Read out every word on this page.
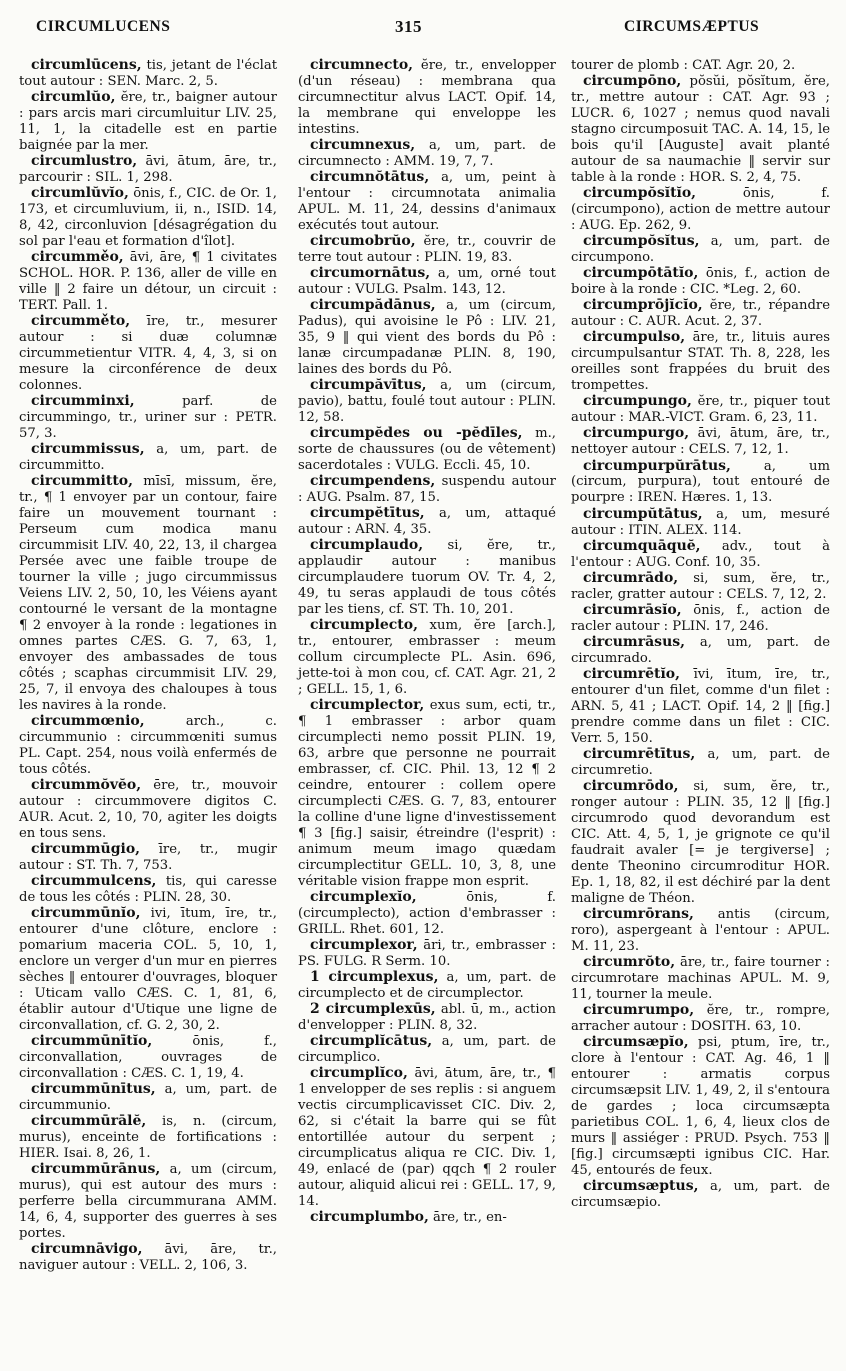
CIRCUMLUCENS	315	CIRCUMSÆPTUS

circumlūcens, tis, jetant de l'éclat tout autour : SEN. Marc. 2, 5.

circumlŭo, ĕre, tr., baigner autour : pars arcis mari circumluitur LIV. 25, 11, 1, la citadelle est en partie baignée par la mer.

circumlustro, āvi, ātum, āre, tr., parcourir : SIL. 1, 298.

circumlŭvĭo, ōnis, f., CIC. de Or. 1, 173, et circumluvium, ii, n., ISID. 14, 8, 42, circonluvion [désagrégation du sol par l'eau et formation d'îlot].

circumměo, āvi, āre, ¶ 1 civitates SCHOL. HOR. P. 136, aller de ville en ville ‖ 2 faire un détour, un circuit : TERT. Pall. 1.

circumměto, īre, tr., mesurer autour : si duæ columnæ circummetientur VITR. 4, 4, 3, si on mesure la circonférence de deux colonnes.

circumminxi,	parf. de circummingo, tr., uriner sur : PETR. 57, 3.

circummissus, a, um, part. de circummitto.

circummitto, mīsī, missum, ĕre, tr., ¶ 1 envoyer par un contour, faire faire un mouvement tournant : Perseum cum modica manu circummisit LIV. 40, 22, 13, il chargea Persée avec une faible troupe de tourner la ville ; jugo circummissus Veiens LIV. 2, 50, 10, les Véiens ayant contourné le versant de la montagne ¶ 2 envoyer à la ronde : legationes in omnes partes CÆS. G. 7, 63, 1, envoyer des ambassades de tous côtés ; scaphas circummisit LIV. 29, 25, 7, il envoya des chaloupes à tous les navires à la ronde.

circummœnio,	arch., c. circummunio : circummœniti sumus PL. Capt. 254, nous voilà enfermés de tous côtés.

circummŏvĕo, ēre, tr., mouvoir autour : circummovere digitos C. AUR. Acut. 2, 10, 70, agiter les doigts en tous sens.

circummūgio, īre, tr., mugir autour : ST. Th. 7, 753.

circummulcens, tis, qui caresse de tous les côtés : PLIN. 28, 30.

circummūnĭo, ivi, ītum, īre, tr., entourer d'une clôture, enclore : pomarium maceria COL. 5, 10, 1, enclore un verger d'un mur en pierres sèches ‖ entourer d'ouvrages, bloquer : Uticam vallo CÆS. C. 1, 81, 6, établir autour d'Utique une ligne de circonvallation, cf. G. 2, 30, 2.

circummūnītĭo,	ōnis, f., circonvallation, ouvrages de circonvallation : CÆS. C. 1, 19, 4.

circummūnītus, a, um, part. de circummunio.

circummūrālĕ, is, n. (circum, murus), enceinte de fortifications : HIER. Isai. 8, 26, 1.

circummūrānus, a, um (circum, murus), qui est autour des murs : perferre bella circummurana AMM. 14, 6, 4, supporter des guerres à ses portes.

circumnāvigo, āvi, āre, tr., naviguer autour : VELL. 2, 106, 3.

circumnecto, ĕre, tr., envelopper (d'un réseau) : membrana qua circumnectitur alvus LACT. Opif. 14, la membrane qui enveloppe les intestins.

circumnexus, a, um, part. de circumnecto : AMM. 19, 7, 7.

circumnŏtātus, a, um, peint à l'entour : circumnotata animalia APUL. M. 11, 24, dessins d'animaux exécutés tout autour.

circumobrŭo, ĕre, tr., couvrir de terre tout autour : PLIN. 19, 83.

circumornātus, a, um, orné tout autour : VULG. Psalm. 143, 12.

circumpădānus, a, um (circum, Padus), qui avoisine le Pô : LIV. 21, 35, 9 ‖ qui vient des bords du Pô : lanæ circumpadanæ PLIN. 8, 190, laines des bords du Pô.

circumpăvītus, a, um (circum, pavio), battu, foulé tout autour : PLIN. 12, 58.

circumpĕdes ou -pĕdīles, m., sorte de chaussures (ou de vêtement) sacerdotales : VULG. Eccli. 45, 10.

circumpendens, suspendu autour : AUG. Psalm. 87, 15.

circumpĕtītus, a, um, attaqué autour : ARN. 4, 35.

circumplaudo, si, ĕre, tr., applaudir autour : manibus circumplaudere tuorum OV. Tr. 4, 2, 49, tu seras applaudi de tous côtés par les tiens, cf. ST. Th. 10, 201.

circumplecto, xum, ĕre [arch.], tr., entourer, embrasser : meum collum circumplecte PL. Asin. 696, jette-toi à mon cou, cf. CAT. Agr. 21, 2 ; GELL. 15, 1, 6.

circumplector, exus sum, ecti, tr., ¶ 1 embrasser : arbor quam circumplecti nemo possit PLIN. 19, 63, arbre que personne ne pourrait embrasser, cf. CIC. Phil. 13, 12 ¶ 2 ceindre, entourer : collem opere circumplecti CÆS. G. 7, 83, entourer la colline d'une ligne d'investissement ¶ 3 [fig.] saisir, étreindre (l'esprit) : animum meum imago quædam circumplectitur GELL. 10, 3, 8, une véritable vision frappe mon esprit.

circumplexĭo,	ōnis, f. (circumplecto), action d'embrasser : GRILL. Rhet. 601, 12.

circumplexor, āri, tr., embrasser : PS. FULG. R Serm. 10.

1 circumplexus, a, um, part. de circumplecto et de circumplector.

2 circumplexūs, abl. ū, m., action d'envelopper : PLIN. 8, 32.

circumplĭcātus, a, um, part. de circumplico.

circumplĭco, āvi, ātum, āre, tr., ¶ 1 envelopper de ses replis : si anguem vectis circumplicavisset CIC. Div. 2, 62, si c'était la barre qui se fût entortillée autour du serpent ; circumplicatus aliqua re CIC. Div. 1, 49, enlacé de (par) qqch ¶ 2 rouler autour, aliquid alicui rei : GELL. 17, 9, 14.

circumplumbo, āre, tr., en-

tourer de plomb : CAT. Agr. 20, 2.

circumpōno, pŏsŭi, pŏsĭtum, ĕre, tr., mettre autour : CAT. Agr. 93 ; LUCR. 6, 1027 ; nemus quod navali stagno circumposuit TAC. A. 14, 15, le bois qu'il [Auguste] avait planté autour de sa naumachie ‖ servir sur table à la ronde : HOR. S. 2, 4, 75.

circumpŏsĭtĭo,	ōnis, f. (circumpono), action de mettre autour : AUG. Ep. 262, 9.

circumpŏsĭtus, a, um, part. de circumpono.

circumpōtātĭo, ōnis, f., action de boire à la ronde : CIC. *Leg. 2, 60.

circumprōjĭcĭo, ĕre, tr., répandre autour : C. AUR. Acut. 2, 37.

circumpulso, āre, tr., lituis aures circumpulsantur STAT. Th. 8, 228, les oreilles sont frappées du bruit des trompettes.

circumpungo, ĕre, tr., piquer tout autour : MAR.-VICT. Gram. 6, 23, 11.

circumpurgo, āvi, ātum, āre, tr., nettoyer autour : CELS. 7, 12, 1.

circumpurpŭrātus,	a, um (circum, purpura), tout entouré de pourpre : IREN. Hæres. 1, 13.

circumpŭtātus, a, um, mesuré autour : ITIN. ALEX. 114.

circumquāquĕ, adv., tout à l'entour : AUG. Conf. 10, 35.

circumrādo, si, sum, ĕre, tr., racler, gratter autour : CELS. 7, 12, 2.

circumrāsĭo, ōnis, f., action de racler autour : PLIN. 17, 246.

circumrāsus, a, um, part. de circumrado.

circumrētĭo, īvi, ītum, īre, tr., entourer d'un filet, comme d'un filet : ARN. 5, 41 ; LACT. Opif. 14, 2 ‖ [fig.] prendre comme dans un filet : CIC. Verr. 5, 150.

circumrētītus, a, um, part. de circumretio.

circumrōdo, si, sum, ĕre, tr., ronger autour : PLIN. 35, 12 ‖ [fig.] circumrodo quod devorandum est CIC. Att. 4, 5, 1, je grignote ce qu'il faudrait avaler [= je tergiverse] ; dente Theonino circumroditur HOR. Ep. 1, 18, 82, il est déchiré par la dent maligne de Théon.

circumrōrans, antis (circum, roro), aspergeant à l'entour : APUL. M. 11, 23.

circumrŏto, āre, tr., faire tourner : circumrotare machinas APUL. M. 9, 11, tourner la meule.

circumrumpo, ĕre, tr., rompre, arracher autour : DOSITH. 63, 10.

circumsæpĭo, psi, ptum, īre, tr., clore à l'entour : CAT. Ag. 46, 1 ‖ entourer : armatis corpus circumsæpsit LIV. 1, 49, 2, il s'entoura de gardes ; loca circumsæpta parietibus COL. 1, 6, 4, lieux clos de murs ‖ assiéger : PRUD. Psych. 753 ‖ [fig.] circumsæpti ignibus CIC. Har. 45, entourés de feux.

circumsæptus, a, um, part. de circumsæpio.
